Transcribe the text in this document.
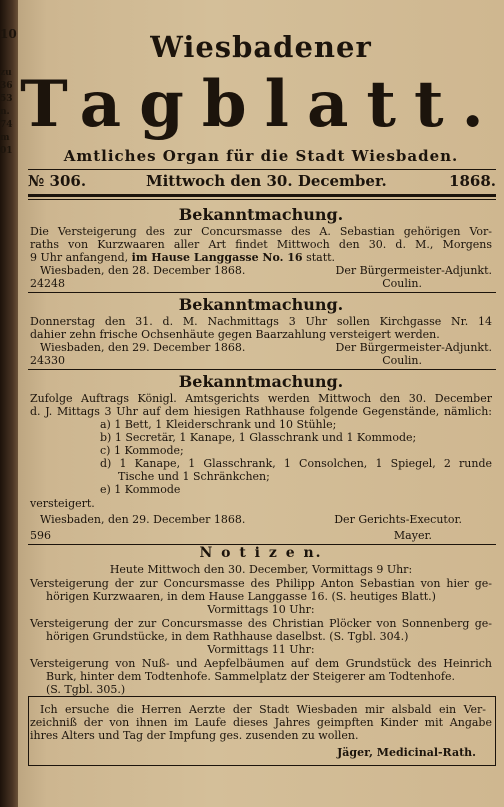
10
zu
36
53
n.
74
m
01
Wiesbadener
Tagblatt.
Amtliches Organ für die Stadt Wiesbaden.
№ 306.	Mittwoch den 30. December.	1868.
Bekanntmachung.
Die Versteigerung des zur Concursmasse des A. Sebastian gehörigen Vor-
raths von Kurzwaaren aller Art findet Mittwoch den 30. d. M., Morgens
9 Uhr anfangend, im Hause Langgasse No. 16 statt.
Wiesbaden, den 28. December 1868.	Der Bürgermeister-Adjunkt.
24248	Coulin.
Bekanntmachung.
Donnerstag den 31. d. M. Nachmittags 3 Uhr sollen Kirchgasse Nr. 14
dahier zehn frische Ochsenhäute gegen Baarzahlung versteigert werden.
Wiesbaden, den 29. December 1868.	Der Bürgermeister-Adjunkt.
24330	Coulin.
Bekanntmachung.
Zufolge Auftrags Königl. Amtsgerichts werden Mittwoch den 30. December
d. J. Mittags 3 Uhr auf dem hiesigen Rathhause folgende Gegenstände, nämlich:
a) 1 Bett, 1 Kleiderschrank und 10 Stühle;
b) 1 Secretär, 1 Kanape, 1 Glasschrank und 1 Kommode;
c) 1 Kommode;
d) 1 Kanape, 1 Glasschrank, 1 Consolchen, 1 Spiegel, 2 runde
Tische und 1 Schränkchen;
e) 1 Kommode
versteigert.
Wiesbaden, den 29. December 1868.	Der Gerichts-Executor.
596	Mayer.
N o t i z e n.
Heute Mittwoch den 30. December, Vormittags 9 Uhr:
Versteigerung der zur Concursmasse des Philipp Anton Sebastian von hier ge-
hörigen Kurzwaaren, in dem Hause Langgasse 16. (S. heutiges Blatt.)
Vormittags 10 Uhr:
Versteigerung der zur Concursmasse des Christian Plöcker von Sonnenberg ge-
hörigen Grundstücke, in dem Rathhause daselbst. (S. Tgbl. 304.)
Vormittags 11 Uhr:
Versteigerung von Nuß- und Aepfelbäumen auf dem Grundstück des Heinrich
Burk, hinter dem Todtenhofe. Sammelplatz der Steigerer am Todtenhofe.
(S. Tgbl. 305.)
Ich ersuche die Herren Aerzte der Stadt Wiesbaden mir alsbald ein Ver-
zeichniß der von ihnen im Laufe dieses Jahres geimpften Kinder mit Angabe
ihres Alters und Tag der Impfung ges. zusenden zu wollen.
Jäger, Medicinal-Rath.
